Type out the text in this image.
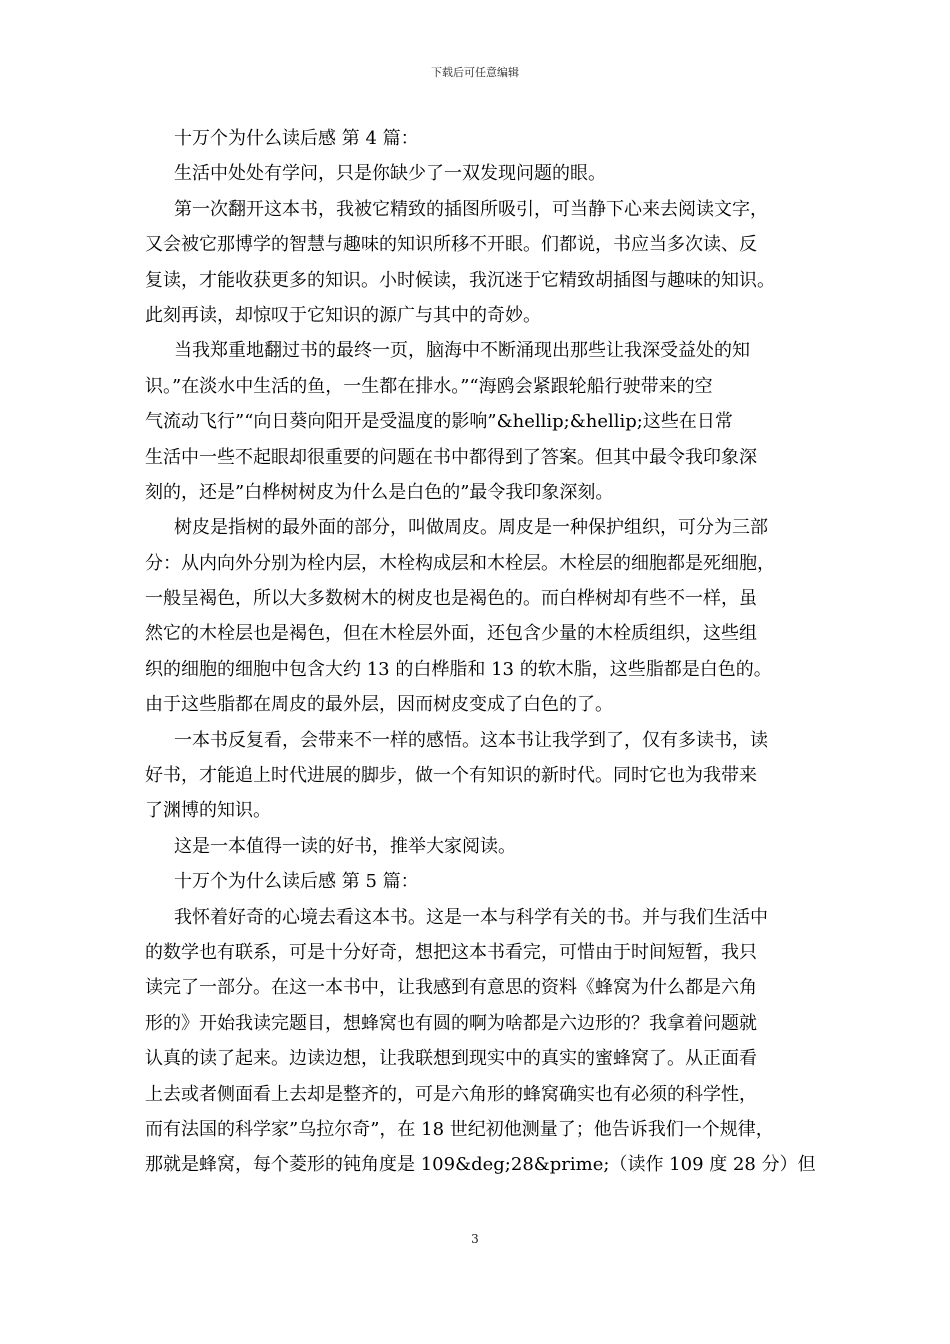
下载后可任意编辑
十万个为什么读后感 第 4 篇：
生活中处处有学问，只是你缺少了一双发现问题的眼。
第一次翻开这本书，我被它精致的插图所吸引，可当静下心来去阅读文字，
又会被它那博学的智慧与趣味的知识所移不开眼。们都说，书应当多次读、反
复读，才能收获更多的知识。小时候读，我沉迷于它精致胡插图与趣味的知识。
此刻再读，却惊叹于它知识的源广与其中的奇妙。
当我郑重地翻过书的最终一页，脑海中不断涌现出那些让我深受益处的知
识。”在淡水中生活的鱼，一生都在排水。”“海鸥会紧跟轮船行驶带来的空
气流动飞行”“向日葵向阳开是受温度的影响”&hellip;&hellip;这些在日常
生活中一些不起眼却很重要的问题在书中都得到了答案。但其中最令我印象深
刻的，还是”白桦树树皮为什么是白色的”最令我印象深刻。
树皮是指树的最外面的部分，叫做周皮。周皮是一种保护组织，可分为三部
分：从内向外分别为栓内层，木栓构成层和木栓层。木栓层的细胞都是死细胞，
一般呈褐色，所以大多数树木的树皮也是褐色的。而白桦树却有些不一样，虽
然它的木栓层也是褐色，但在木栓层外面，还包含少量的木栓质组织，这些组
织的细胞的细胞中包含大约 13 的白桦脂和 13 的软木脂，这些脂都是白色的。
由于这些脂都在周皮的最外层，因而树皮变成了白色的了。
一本书反复看，会带来不一样的感悟。这本书让我学到了，仅有多读书，读
好书，才能追上时代进展的脚步，做一个有知识的新时代。同时它也为我带来
了渊博的知识。
这是一本值得一读的好书，推举大家阅读。
十万个为什么读后感 第 5 篇：
我怀着好奇的心境去看这本书。这是一本与科学有关的书。并与我们生活中
的数学也有联系，可是十分好奇，想把这本书看完，可惜由于时间短暂，我只
读完了一部分。在这一本书中，让我感到有意思的资料《蜂窝为什么都是六角
形的》开始我读完题目，想蜂窝也有圆的啊为啥都是六边形的？我拿着问题就
认真的读了起来。边读边想，让我联想到现实中的真实的蜜蜂窝了。从正面看
上去或者侧面看上去却是整齐的，可是六角形的蜂窝确实也有必须的科学性，
而有法国的科学家”乌拉尔奇”，在 18 世纪初他测量了；他告诉我们一个规律，
那就是蜂窝，每个菱形的钝角度是 109&deg;28&prime;（读作 109 度 28 分）但
3
